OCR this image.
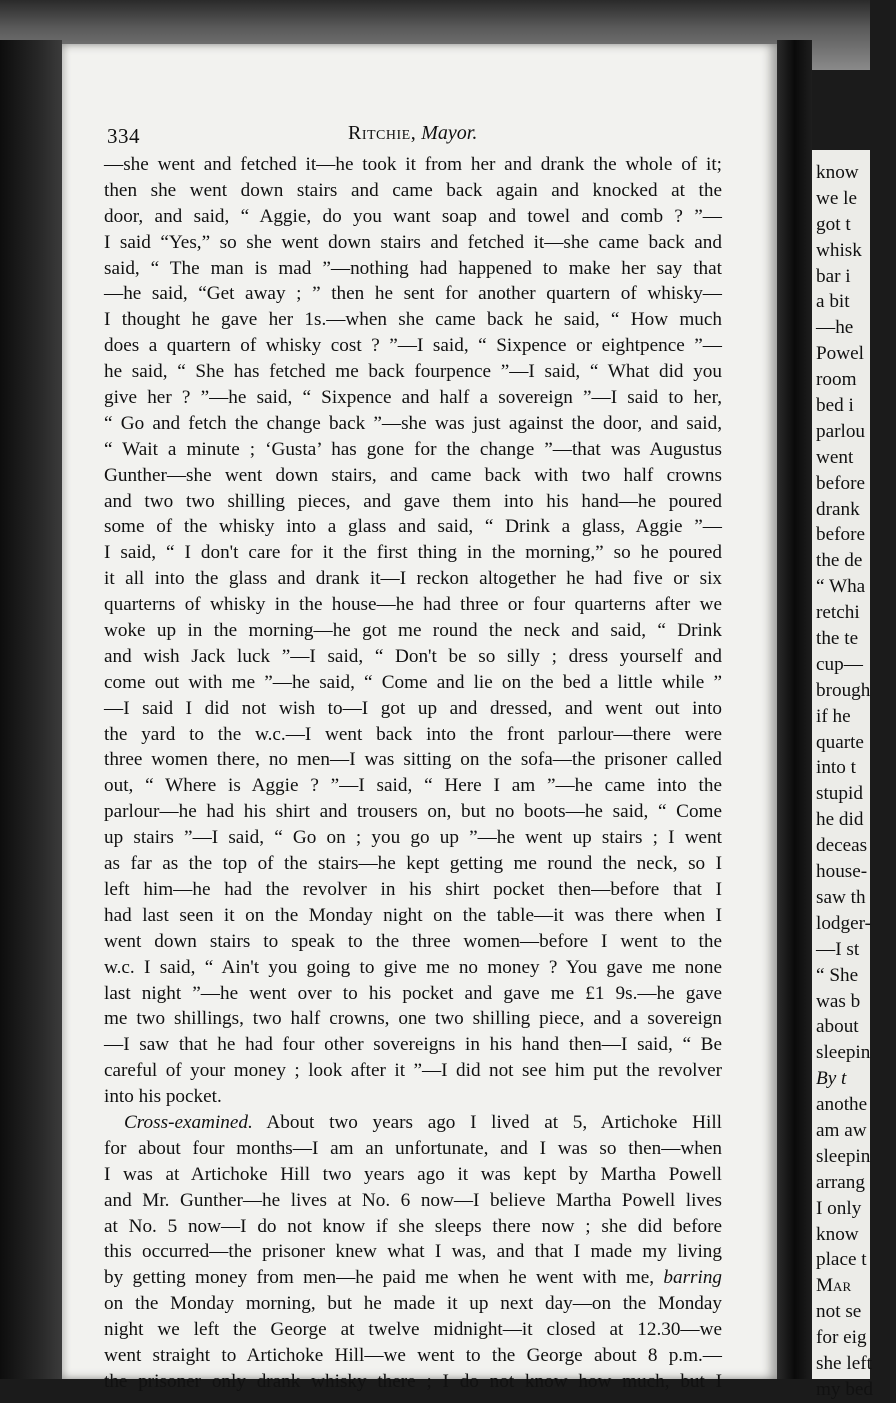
334	Ritchie, Mayor.
—she went and fetched it—he took it from her and drank the whole of it;
then she went down stairs and came back again and knocked at the
door, and said, “ Aggie, do you want soap and towel and comb ? ”—
I said “Yes,” so she went down stairs and fetched it—she came back and
said, “ The man is mad ”—nothing had happened to make her say that
—he said, “Get away ; ” then he sent for another quartern of whisky—
I thought he gave her 1s.—when she came back he said, “ How much
does a quartern of whisky cost ? ”—I said, “ Sixpence or eightpence ”—
he said, “ She has fetched me back fourpence ”—I said, “ What did you
give her ? ”—he said, “ Sixpence and half a sovereign ”—I said to her,
“ Go and fetch the change back ”—she was just against the door, and said,
“ Wait a minute ; ‘Gusta’ has gone for the change ”—that was Augustus
Gunther—she went down stairs, and came back with two half crowns
and two two shilling pieces, and gave them into his hand—he poured
some of the whisky into a glass and said, “ Drink a glass, Aggie ”—
I said, “ I don't care for it the first thing in the morning,” so he poured
it all into the glass and drank it—I reckon altogether he had five or six
quarterns of whisky in the house—he had three or four quarterns after we
woke up in the morning—he got me round the neck and said, “ Drink
and wish Jack luck ”—I said, “ Don't be so silly ; dress yourself and
come out with me ”—he said, “ Come and lie on the bed a little while ”
—I said I did not wish to—I got up and dressed, and went out into
the yard to the w.c.—I went back into the front parlour—there were
three women there, no men—I was sitting on the sofa—the prisoner called
out, “ Where is Aggie ? ”—I said, “ Here I am ”—he came into the
parlour—he had his shirt and trousers on, but no boots—he said, “ Come
up stairs ”—I said, “ Go on ; you go up ”—he went up stairs ; I went
as far as the top of the stairs—he kept getting me round the neck, so I
left him—he had the revolver in his shirt pocket then—before that I
had last seen it on the Monday night on the table—it was there when I
went down stairs to speak to the three women—before I went to the
w.c. I said, “ Ain't you going to give me no money ? You gave me none
last night ”—he went over to his pocket and gave me £1 9s.—he gave
me two shillings, two half crowns, one two shilling piece, and a sovereign
—I saw that he had four other sovereigns in his hand then—I said, “ Be
careful of your money ; look after it ”—I did not see him put the revolver
into his pocket.
Cross-examined. About two years ago I lived at 5, Artichoke Hill
for about four months—I am an unfortunate, and I was so then—when
I was at Artichoke Hill two years ago it was kept by Martha Powell
and Mr. Gunther—he lives at No. 6 now—I believe Martha Powell lives
at No. 5 now—I do not know if she sleeps there now ; she did before
this occurred—the prisoner knew what I was, and that I made my living
by getting money from men—he paid me when he went with me, barring
on the Monday morning, but he made it up next day—on the Monday
night we left the George at twelve midnight—it closed at 12.30—we
went straight to Artichoke Hill—we went to the George about 8 p.m.—
the prisoner only drank whisky there ; I do not know how much, but I
know
we le
got t
whisk
bar i
a bit
—he
Powel
room
bed i
parlou
went
before
drank
before
the de
“ Wha
retchi
the te
cup—
brough
if he
quarte
into t
stupid
he did
deceas
house-
saw th
lodger-
—I st
“ She
was b
about
sleepin
By t
anothe
am aw
sleepin
arrang
I only
know
place t
Mar
not se
for eig
she left
my bed
